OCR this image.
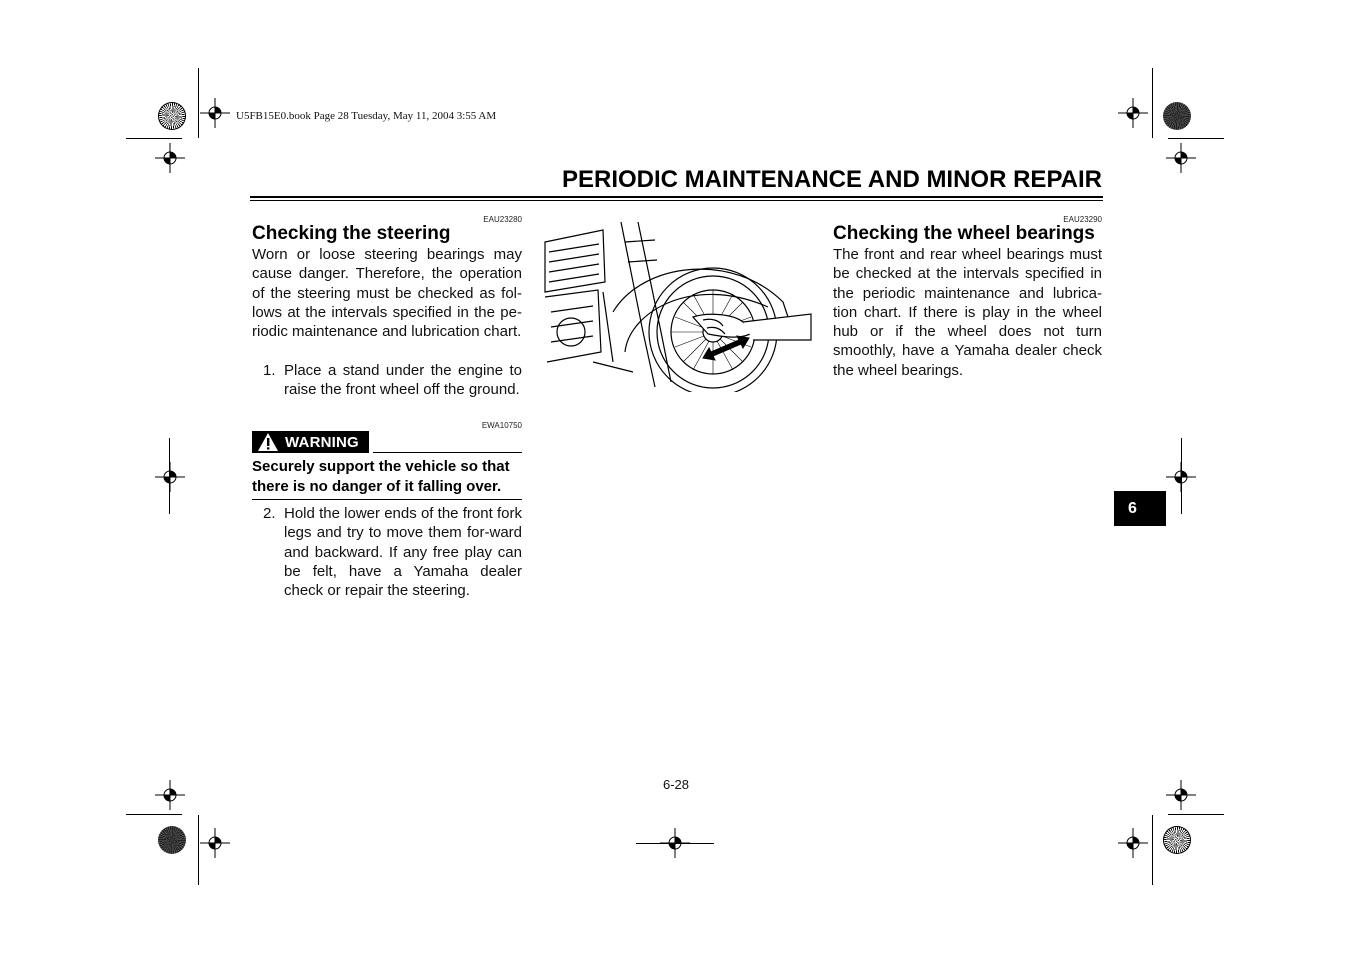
U5FB15E0.book Page 28 Tuesday, May 11, 2004 3:55 AM
PERIODIC MAINTENANCE AND MINOR REPAIR
EAU23280
Checking the steering

Worn or loose steering bearings may cause danger. Therefore, the operation of the steering must be checked as fol-lows at the intervals specified in the pe-riodic maintenance and lubrication chart.

1. Place a stand under the engine to raise the front wheel off the ground.

EWA10750
WARNING

Securely support the vehicle so that there is no danger of it falling over.

2. Hold the lower ends of the front fork legs and try to move them for-ward and backward. If any free play can be felt, have a Yamaha dealer check or repair the steering.

EAU23290
Checking the wheel bearings

The front and rear wheel bearings must be checked at the intervals specified in the periodic maintenance and lubrica-tion chart. If there is play in the wheel hub or if the wheel does not turn smoothly, have a Yamaha dealer check the wheel bearings.

6
6-28
